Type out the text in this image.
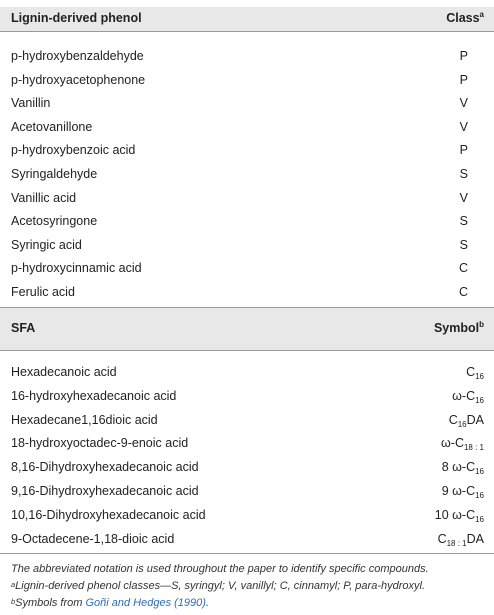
Lignin-derived phenol	Class$^a$
p-hydroxybenzaldehyde	P
p-hydroxyacetophenone	P
Vanillin	V
Acetovanillone	V
p-hydroxybenzoic acid	P
Syringaldehyde	S
Vanillic acid	V
Acetosyringone	S
Syringic acid	S
p-hydroxycinnamic acid	C
Ferulic acid	C
SFA	Symbol$^b$
Hexadecanoic acid	$C_{16}$
16-hydroxyhexadecanoic acid	$\omega-C_{16}$
Hexadecane1,16dioic acid	$C_{16}DA$
18-hydroxyoctadec-9-enoic acid	$\omega-C_{18 : 1}$
8,16-Dihydroxyhexadecanoic acid	8 $\omega-C_{16}$
9,16-Dihydroxyhexadecanoic acid	9 $\omega-C_{16}$
10,16-Dihydroxyhexadecanoic acid	10 $\omega-C_{16}$
9-Octadecene-1,18-dioic acid	$C_{18 : 1}DA$
The abbreviated notation is used throughout the paper to identify specific compounds.
$^a$Lignin-derived phenol classes—S, syringyl; V, vanillyl; C, cinnamyl; P, para-hydroxyl.
$^b$Symbols from Goñi and Hedges (1990).
